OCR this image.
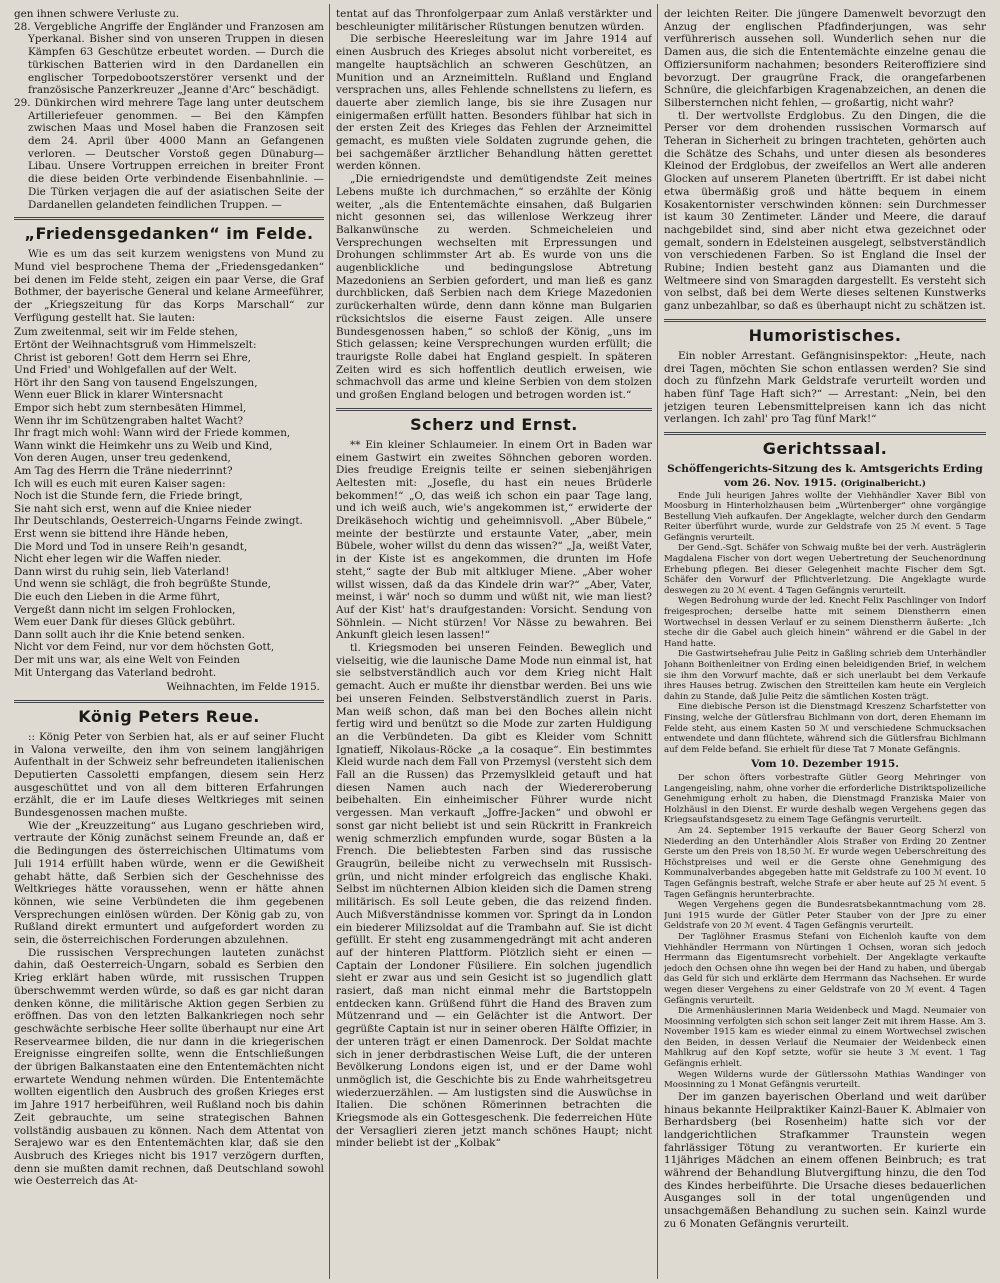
gen ihnen schwere Verluste zu.

28. Vergebliche Angriffe der Engländer und Franzosen am Yperkanal. Bisher sind von unseren Truppen in diesen Kämpfen 63 Geschütze erbeutet worden. — Durch die türkischen Batterien wird in den Dardanellen ein englischer Torpedobootszerstörer versenkt und der französische Panzerkreuzer „Jeanne d'Arc“ beschädigt.
29. Dünkirchen wird mehrere Tage lang unter deutschem Artilleriefeuer genommen. — Bei den Kämpfen zwischen Maas und Mosel haben die Franzosen seit dem 24. April über 4000 Mann an Gefangenen verloren. — Deutscher Vorstoß gegen Dünaburg—Libau. Unsere Vortruppen erreichen in breiter Front die diese beiden Orte verbindende Eisenbahnlinie. — Die Türken verjagen die auf der asiatischen Seite der Dardanellen gelandeten feindlichen Truppen. —
„Friedensgedanken“ im Felde.

Wie es um das seit kurzem wenigstens von Mund zu Mund viel besprochene Thema der „Friedensgedanken“ bei denen im Felde steht, zeigen ein paar Verse, die Graf Bothmer, der bayerische General und kelane Armeeführer, der „Kriegszeitung für das Korps Marschall“ zur Verfügung gestellt hat. Sie lauten:

Zum zweitenmal, seit wir im Felde stehen,
Ertönt der Weihnachtsgruß vom Himmelszelt:
Christ ist geboren! Gott dem Herrn sei Ehre,
Und Fried' und Wohlgefallen auf der Welt.
Hört ihr den Sang von tausend Engelszungen,
Wenn euer Blick in klarer Wintersnacht
Empor sich hebt zum sternbesäten Himmel,
Wenn ihr im Schützengraben haltet Wacht?
Ihr fragt mich wohl: Wann wird der Friede kommen,
Wann winkt die Heimkehr uns zu Weib und Kind,
Von deren Augen, unser treu gedenkend,
Am Tag des Herrn die Träne niederrinnt?
Ich will es euch mit euren Kaiser sagen:
Noch ist die Stunde fern, die Friede bringt,
Sie naht sich erst, wenn auf die Kniee nieder
Ihr Deutschlands, Oesterreich-Ungarns Feinde zwingt.
Erst wenn sie bittend ihre Hände heben,
Die Mord und Tod in unsere Reih'n gesandt,
Nicht eher legen wir die Waffen nieder.
Dann wirst du ruhig sein, lieb Vaterland!
Und wenn sie schlägt, die froh begrüßte Stunde,
Die euch den Lieben in die Arme führt,
Vergeßt dann nicht im selgen Frohlocken,
Wem euer Dank für dieses Glück gebührt.
Dann sollt auch ihr die Knie betend senken.
Nicht vor dem Feind, nur vor dem höchsten Gott,
Der mit uns war, als eine Welt von Feinden
Mit Untergang das Vaterland bedroht.
Weihnachten, im Felde 1915.
König Peters Reue.

:: König Peter von Serbien hat, als er auf seiner Flucht in Valona verweilte, den ihm von seinem langjährigen Aufenthalt in der Schweiz sehr befreundeten italienischen Deputierten Cassoletti empfangen, diesem sein Herz ausgeschüttet und von all dem bitteren Erfahrungen erzählt, die er im Laufe dieses Weltkrieges mit seinen Bundesgenossen machen mußte.

Wie der „Kreuzzeitung“ aus Lugano geschrieben wird, vertraute der König zunächst seinem Freunde an, daß er die Bedingungen des österreichischen Ultimatums vom Juli 1914 erfüllt haben würde, wenn er die Gewißheit gehabt hätte, daß Serbien sich der Geschehnisse des Weltkrieges hätte voraussehen, wenn er hätte ahnen können, wie seine Verbündeten die ihm gegebenen Versprechungen einlösen würden. Der König gab zu, von Rußland direkt ermuntert und aufgefordert worden zu sein, die österreichischen Forderungen abzulehnen.

Die russischen Versprechungen lauteten zunächst dahin, daß Oesterreich-Ungarn, sobald es Serbien den Krieg erklärt haben würde, mit russischen Truppen überschwemmt werden würde, so daß es gar nicht daran denken könne, die militärische Aktion gegen Serbien zu eröffnen. Das von den letzten Balkankriegen noch sehr geschwächte serbische Heer sollte überhaupt nur eine Art Reservearmee bilden, die nur dann in die kriegerischen Ereignisse eingreifen sollte, wenn die Entschließungen der übrigen Balkanstaaten eine den Ententemächten nicht erwartete Wendung nehmen würden. Die Ententemächte wollten eigentlich den Ausbruch des großen Krieges erst im Jahre 1917 herbeiführen, weil Rußland noch bis dahin Zeit gebrauchte, um seine strategischen Bahnen vollständig ausbauen zu können. Nach dem Attentat von Serajewo war es den Ententemächten klar, daß sie den Ausbruch des Krieges nicht bis 1917 verzögern durften, denn sie mußten damit rechnen, daß Deutschland sowohl wie Oesterreich das At-

tentat auf das Thronfolgerpaar zum Anlaß verstärkter und beschleunigter militärischer Rüstungen benutzen würden.

Die serbische Heeresleitung war im Jahre 1914 auf einen Ausbruch des Krieges absolut nicht vorbereitet, es mangelte hauptsächlich an schweren Geschützen, an Munition und an Arzneimitteln. Rußland und England versprachen uns, alles Fehlende schnellstens zu liefern, es dauerte aber ziemlich lange, bis sie ihre Zusagen nur einigermaßen erfüllt hatten. Besonders fühlbar hat sich in der ersten Zeit des Krieges das Fehlen der Arzneimittel gemacht, es mußten viele Soldaten zugrunde gehen, die bei sachgemäßer ärztlicher Behandlung hätten gerettet werden können.

„Die erniedrigendste und demütigendste Zeit meines Lebens mußte ich durchmachen,“ so erzählte der König weiter, „als die Ententemächte einsahen, daß Bulgarien nicht gesonnen sei, das willenlose Werkzeug ihrer Balkanwünsche zu werden. Schmeicheleien und Versprechungen wechselten mit Erpressungen und Drohungen schlimmster Art ab. Es wurde von uns die augenblickliche und bedingungslose Abtretung Mazedoniens an Serbien gefordert, und man ließ es ganz durchblicken, daß Serbien nach dem Kriege Mazedonien zurückerhalten würde, denn dann könne man Bulgarien rücksichtslos die eiserne Faust zeigen. Alle unsere Bundesgenossen haben,“ so schloß der König, „uns im Stich gelassen; keine Versprechungen wurden erfüllt; die traurigste Rolle dabei hat England gespielt. In späteren Zeiten wird es sich hoffentlich deutlich erweisen, wie schmachvoll das arme und kleine Serbien von dem stolzen und großen England belogen und betrogen worden ist.“

Scherz und Ernst.

** Ein kleiner Schlaumeier. In einem Ort in Baden war einem Gastwirt ein zweites Söhnchen geboren worden. Dies freudige Ereignis teilte er seinen siebenjährigen Aeltesten mit: „Josefle, du hast ein neues Brüderle bekommen!“ „O, das weiß ich schon ein paar Tage lang, und ich weiß auch, wie's angekommen ist,“ erwiderte der Dreikäsehoch wichtig und geheimnisvoll. „Aber Bübele,“ meinte der bestürzte und erstaunte Vater, „aber, mein Bübele, woher willst du denn das wissen?“ „Ja, weißt Vater, in der Kiste ist es angekommen, die drunten im Hofe steht,“ sagte der Bub mit altkluger Miene. „Aber woher willst wissen, daß da das Kindele drin war?“ „Aber, Vater, meinst, i wär' noch so dumm und wüßt nit, wie man liest? Auf der Kist' hat's draufgestanden: Vorsicht. Sendung von Söhnlein. — Nicht stürzen! Vor Nässe zu bewahren. Bei Ankunft gleich lesen lassen!“

tl. Kriegsmoden bei unseren Feinden. Beweglich und vielseitig, wie die launische Dame Mode nun einmal ist, hat sie selbstverständlich auch vor dem Krieg nicht Halt gemacht. Auch er mußte ihr dienstbar werden. Bei uns wie bei unseren Feinden. Selbstverständlich zuerst in Paris. Man weiß schon, daß man bei den Boches allein nicht fertig wird und benützt so die Mode zur zarten Huldigung an die Verbündeten. Da gibt es Kleider vom Schnitt Ignatieff, Nikolaus-Röcke „a la cosaque“. Ein bestimmtes Kleid wurde nach dem Fall von Przemysl (versteht sich dem Fall an die Russen) das Przemyslkleid getauft und hat diesen Namen auch nach der Wiedereroberung beibehalten. Ein einheimischer Führer wurde nicht vergessen. Man verkauft „Joffre-Jacken“ und obwohl er sonst gar nicht beliebt ist und sein Rückritt in Frankreich wenig schmerzlich empfunden wurde, sogar Büsten a la French. Die beliebtesten Farben sind das russische Graugrün, beileibe nicht zu verwechseln mit Russisch-grün, und nicht minder erfolgreich das englische Khaki. Selbst im nüchternen Albion kleiden sich die Damen streng militärisch. Es soll Leute geben, die das reizend finden. Auch Mißverständnisse kommen vor. Springt da in London ein biederer Milizsoldat auf die Trambahn auf. Sie ist dicht gefüllt. Er steht eng zusammengedrängt mit acht anderen auf der hinteren Plattform. Plötzlich sieht er einen — Captain der Londoner Füsiliere. Ein solchen jugendlich sieht er zwar aus und sein Gesicht ist so jugendlich glatt rasiert, daß man nicht einmal mehr die Bartstoppeln entdecken kann. Grüßend führt die Hand des Braven zum Mützenrand und — ein Gelächter ist die Antwort. Der gegrüßte Captain ist nur in seiner oberen Hälfte Offizier, in der unteren trägt er einen Damenrock. Der Soldat machte sich in jener derbdrastischen Weise Luft, die der unteren Bevölkerung Londons eigen ist, und er der Dame wohl unmöglich ist, die Geschichte bis zu Ende wahrheitsgetreu wiederzuerzählen. — Am lustigsten sind die Auswüchse in Italien. Die schönen Römerinnen betrachten die Kriegsmode als ein Gottesgeschenk. Die federreichen Hüte der Versaglieri zieren jetzt manch schönes Haupt; nicht minder beliebt ist der „Kolbak“

der leichten Reiter. Die jüngere Damenwelt bevorzugt den Anzug der englischen Pfadfinderjungen, was sehr verführerisch aussehen soll. Wunderlich sehen nur die Damen aus, die sich die Ententemächte einzelne genau die Offiziersuniform nachahmen; besonders Reiteroffiziere sind bevorzugt. Der graugrüne Frack, die orangefarbenen Schnüre, die gleichfarbigen Kragenabzeichen, an denen die Silbersternchen nicht fehlen, — großartig, nicht wahr?

tl. Der wertvollste Erdglobus. Zu den Dingen, die die Perser vor dem drohenden russischen Vormarsch auf Teheran in Sicherheit zu bringen trachteten, gehörten auch die Schätze des Schahs, und unter diesen als besonderes Kleinod der Erdglobus, der zweifellos an Wert alle anderen Glocken auf unserem Planeten übertrifft. Er ist dabei nicht etwa übermäßig groß und hätte bequem in einem Kosakentornister verschwinden können: sein Durchmesser ist kaum 30 Zentimeter. Länder und Meere, die darauf nachgebildet sind, sind aber nicht etwa gezeichnet oder gemalt, sondern in Edelsteinen ausgelegt, selbstverständlich von verschiedenen Farben. So ist England die Insel der Rubine; Indien besteht ganz aus Diamanten und die Weltmeere sind von Smaragden dargestellt. Es versteht sich von selbst, daß bei dem Werte dieses seltenen Kunstwerks ganz unbezahlbar, so daß es überhaupt nicht zu schätzen ist.

Humoristisches.

Ein nobler Arrestant. Gefängnisinspektor: „Heute, nach drei Tagen, möchten Sie schon entlassen werden? Sie sind doch zu fünfzehn Mark Geldstrafe verurteilt worden und haben fünf Tage Haft sich?“ — Arrestant: „Nein, bei den jetzigen teuren Lebensmittelpreisen kann ich das nicht verlangen. Ich zahl' pro Tag fünf Mark!“

Gerichtssaal.
Schöffengerichts-Sitzung des k. Amtsgerichts Erding
vom 26. Nov. 1915. (Originalbericht.)

Ende Juli heurigen Jahres wollte der Viehhändler Xaver Bibl von Moosburg in Hinterholzhausen beim „Würtenberger“ ohne vorgängige Bestellung Vieh aufkaufen. Der Angeklagte, welcher durch den Gendarm Reiter überführt wurde, wurde zur Geldstrafe von 25 ℳ event. 5 Tage Gefängnis verurteilt.

Der Gend.-Sgt. Schäfer von Schwaig mußte bei der verh. Austräglerin Magdalena Fischer von dort wegen Uebertretung der Seuchenordnung Erhebung pflegen. Bei dieser Gelegenheit machte Fischer dem Sgt. Schäfer den Vorwurf der Pflichtverletzung. Die Angeklagte wurde deswegen zu 20 ℳ event. 4 Tagen Gefängnis verurteilt.

Wegen Bedrohung wurde der led. Knecht Felix Paschlinger von Indorf freigesprochen; derselbe hatte mit seinem Dienstherrn einen Wortwechsel in dessen Verlauf er zu seinem Dienstherrn äußerte: „Ich steche dir die Gabel auch gleich hinein“ während er die Gabel in der Hand hatte.

Die Gastwirtsehefrau Julie Peitz in Gaßling schrieb dem Unterhändler Johann Boithenleitner von Erding einen beleidigenden Brief, in welchem sie ihm den Vorwurf machte, daß er sich unerlaubt bei dem Verkaufe ihres Hauses betrug. Zwischen den Streitteilen kam heute ein Vergleich dahin zu Stande, daß Julie Peitz die sämtlichen Kosten trägt.

Eine diebische Person ist die Dienstmagd Kreszenz Scharfstetter von Finsing, welche der Gütlersfrau Bichlmann von dort, deren Ehemann im Felde steht, aus einem Kasten 50 ℳ und verschiedene Schmucksachen entwendete und dann flüchtete, während sich die Gütlersfrau Bichlmann auf dem Felde befand. Sie erhielt für diese Tat 7 Monate Gefängnis.

Vom 10. Dezember 1915.

Der schon öfters vorbestrafte Gütler Georg Mehringer von Langengeisling, nahm, ohne vorher die erforderliche Distriktspolizeiliche Genehmigung erholt zu haben, die Dienstmagd Franziska Maier von Holzhäusl in den Dienst. Er wurde deshalb wegen Vergehens gegen das Kriegsaufstandsgesetz zu einem Tage Gefängnis verurteilt.

Am 24. September 1915 verkaufte der Bauer Georg Scherzl von Niederding an den Unterhändler Alois Straßer von Erding 20 Zentner Gerste um den Preis von 18,50 ℳ. Er wurde wegen Ueberschreitung des Höchstpreises und weil er die Gerste ohne Genehmigung des Kommunalverbandes abgegeben hatte mit Geldstrafe zu 100 ℳ event. 10 Tagen Gefängnis bestraft, welche Strafe er aber heute auf 25 ℳ event. 5 Tagen Gefängnis herunterbrachte.

Wegen Vergehens gegen die Bundesratsbekanntmachung vom 28. Juni 1915 wurde der Gütler Peter Stauber von der Jpre zu einer Geldstrafe von 20 ℳ event. 4 Tagen Gefängnis verurteilt.

Der Taglöhner Erasmus Stefani von Eichenloh kaufte von dem Viehhändler Herrmann von Nürtingen 1 Ochsen, woran sich jedoch Herrmann das Eigentumsrecht vorbehielt. Der Angeklagte verkaufte jedoch den Ochsen ohne ihn wegen bei der Hand zu haben, und übergab das Geld für sich und erklärte dem Herrmann das Nachsehen. Er wurde wegen dieser Vergehens zu einer Geldstrafe von 20 ℳ event. 4 Tagen Gefängnis verurteilt.

Die Armenhäuslerinnen Maria Weidenbeck und Magd. Neumaier von Moosinning verfolgten sich schon seit langer Zeit mit ihrem Hasse. Am 3. November 1915 kam es wieder einmal zu einem Wortwechsel zwischen den Beiden, in dessen Verlauf die Neumaier der Weidenbeck einen Mahlkrug auf den Kopf setzte, wofür sie heute 3 ℳ event. 1 Tag Gefängnis erhielt.

Wegen Wilderns wurde der Gütlerssohn Mathias Wandinger von Moosinning zu 1 Monat Gefängnis verurteilt.

Der im ganzen bayerischen Oberland und weit darüber hinaus bekannte Heilpraktiker Kainzl-Bauer K. Ablmaier von Berhardsberg (bei Rosenheim) hatte sich vor der landgerichtlichen Strafkammer Traunstein wegen fahrlässiger Tötung zu verantworten. Er kurierte ein 11jähriges Mädchen an einem offenen Beinbruch; es trat während der Behandlung Blutvergiftung hinzu, die den Tod des Kindes herbeiführte. Die Ursache dieses bedauerlichen Ausganges soll in der total ungenügenden und unsachgemäßen Behandlung zu suchen sein. Kainzl wurde zu 6 Monaten Gefängnis verurteilt.
